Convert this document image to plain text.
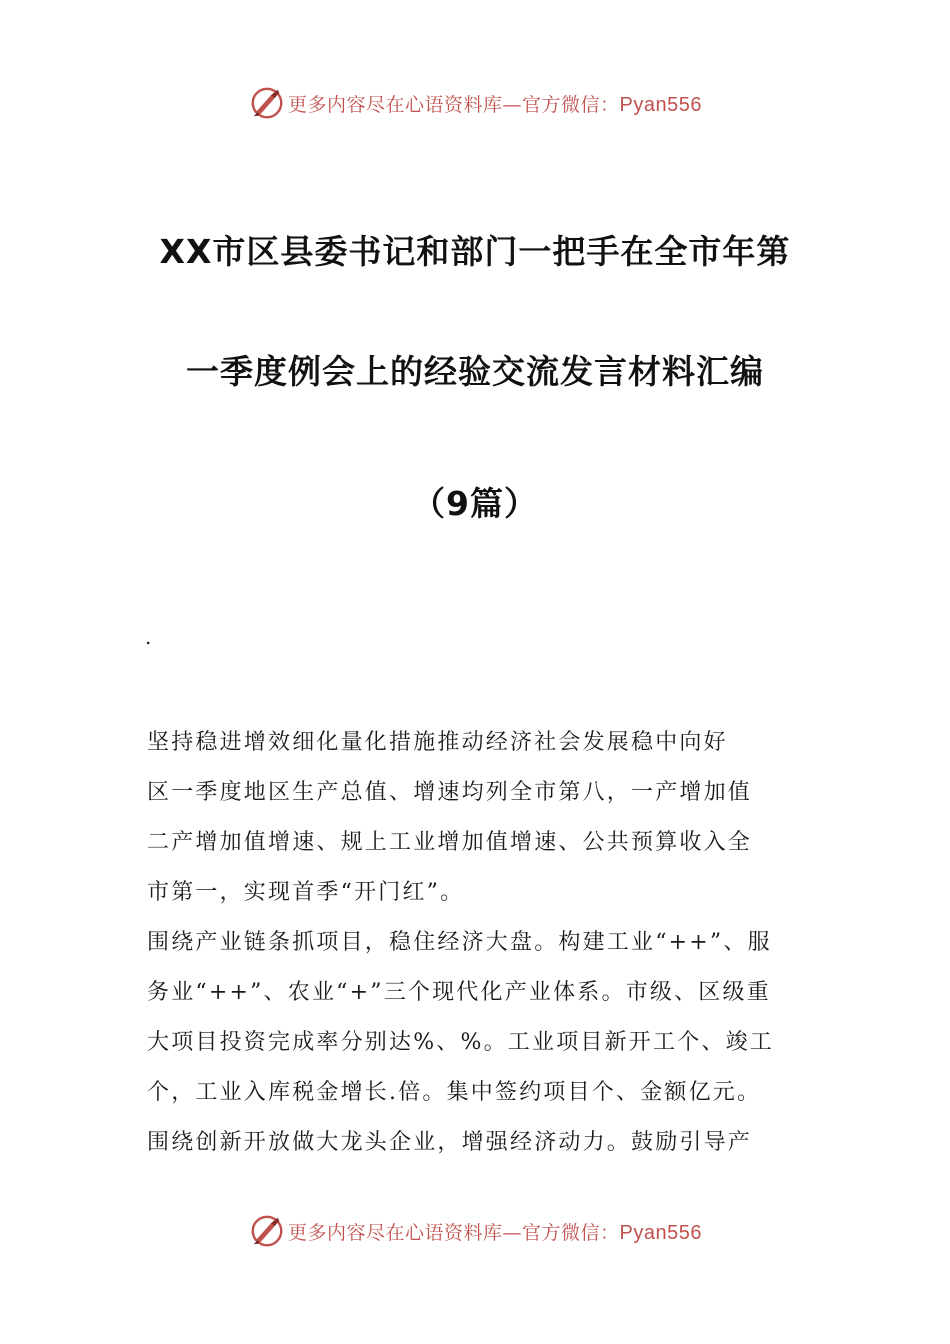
更多内容尽在心语资料库—官方微信：Pyan556
XX市区县委书记和部门一把手在全市年第
一季度例会上的经验交流发言材料汇编
（9篇）
.
坚持稳进增效细化量化措施推动经济社会发展稳中向好
区一季度地区生产总值、增速均列全市第八，一产增加值
二产增加值增速、规上工业增加值增速、公共预算收入全
市第一，实现首季“开门红”。
围绕产业链条抓项目，稳住经济大盘。构建工业“++”、服
务业“++”、农业“+”三个现代化产业体系。市级、区级重
大项目投资完成率分别达%、%。工业项目新开工个、竣工
个，工业入库税金增长.倍。集中签约项目个、金额亿元。
围绕创新开放做大龙头企业，增强经济动力。鼓励引导产
更多内容尽在心语资料库—官方微信：Pyan556
